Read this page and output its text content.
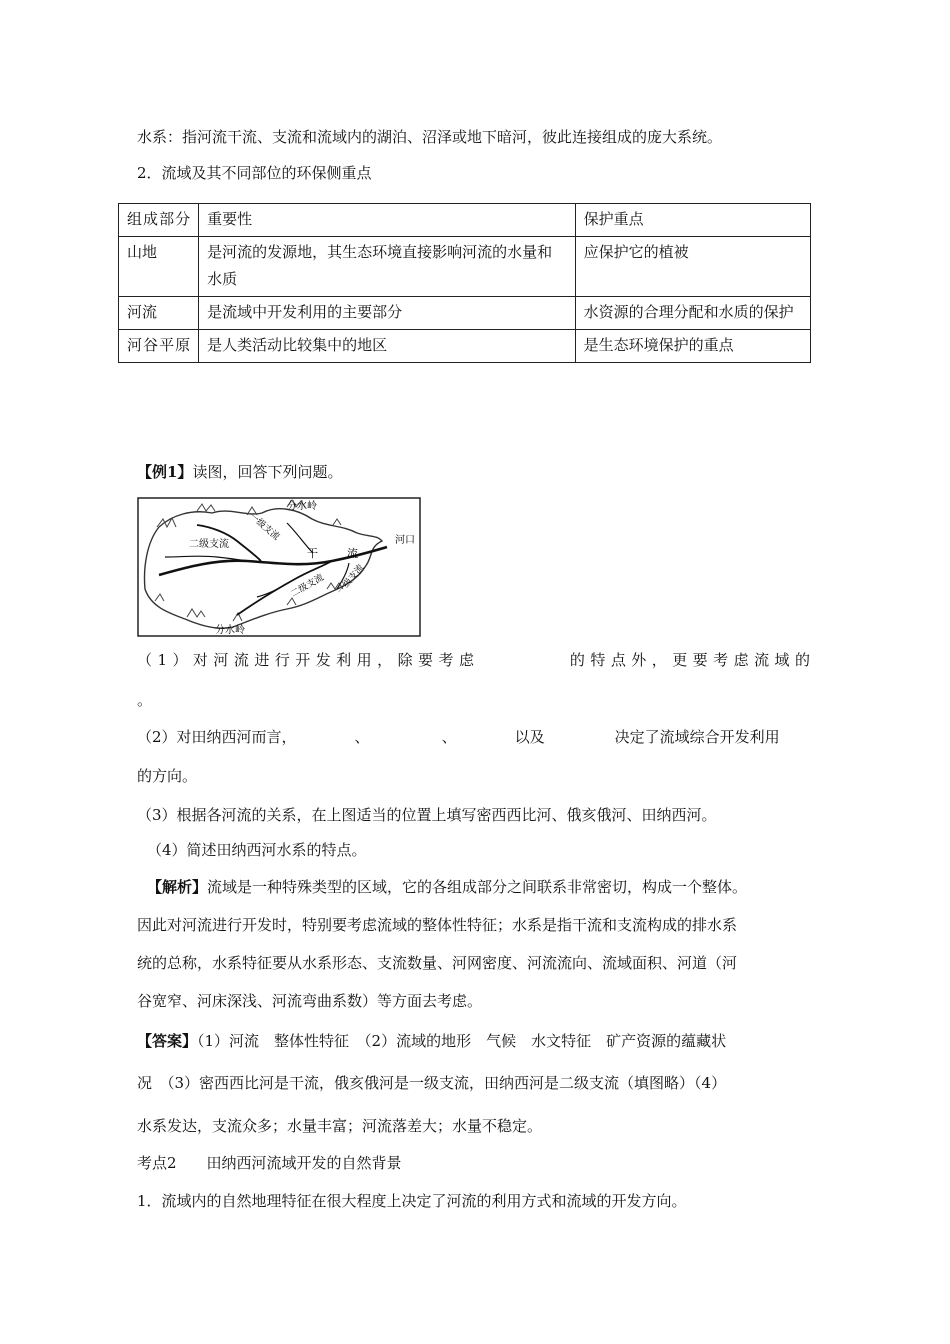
水系：指河流干流、支流和流域内的湖泊、沼泽或地下暗河，彼此连接组成的庞大系统。
2．流域及其不同部位的环保侧重点
组成部分	重要性	保护重点
山地	是河流的发源地，其生态环境直接影响河流的水量和水质	应保护它的植被
河流	是流域中开发利用的主要部分	水资源的合理分配和水质的保护
河谷平原	是人类活动比较集中的地区	是生态环境保护的重点
【例1】读图，回答下列问题。
分水岭
分水岭
二级支流
一级支流
二级支流 一级支流
干	流
河口
（1）对河流进行开发利用，除要考虑	的特点外，更要考虑流域的
。
（2）对田纳西河而言，	、	、	以及	决定了流域综合开发利用
的方向。
（3）根据各河流的关系，在上图适当的位置上填写密西西比河、俄亥俄河、田纳西河。
（4）简述田纳西河水系的特点。
【解析】流域是一种特殊类型的区域，它的各组成部分之间联系非常密切，构成一个整体。
因此对河流进行开发时，特别要考虑流域的整体性特征；水系是指干流和支流构成的排水系
统的总称，水系特征要从水系形态、支流数量、河网密度、河流流向、流域面积、河道（河
谷宽窄、河床深浅、河流弯曲系数）等方面去考虑。
【答案】（1）河流　整体性特征　（2）流域的地形　气候　水文特征　矿产资源的蕴藏状
况　（3）密西西比河是干流，俄亥俄河是一级支流，田纳西河是二级支流（填图略）（4）
水系发达，支流众多；水量丰富；河流落差大；水量不稳定。
考点2　　田纳西河流域开发的自然背景
1．流域内的自然地理特征在很大程度上决定了河流的利用方式和流域的开发方向。
